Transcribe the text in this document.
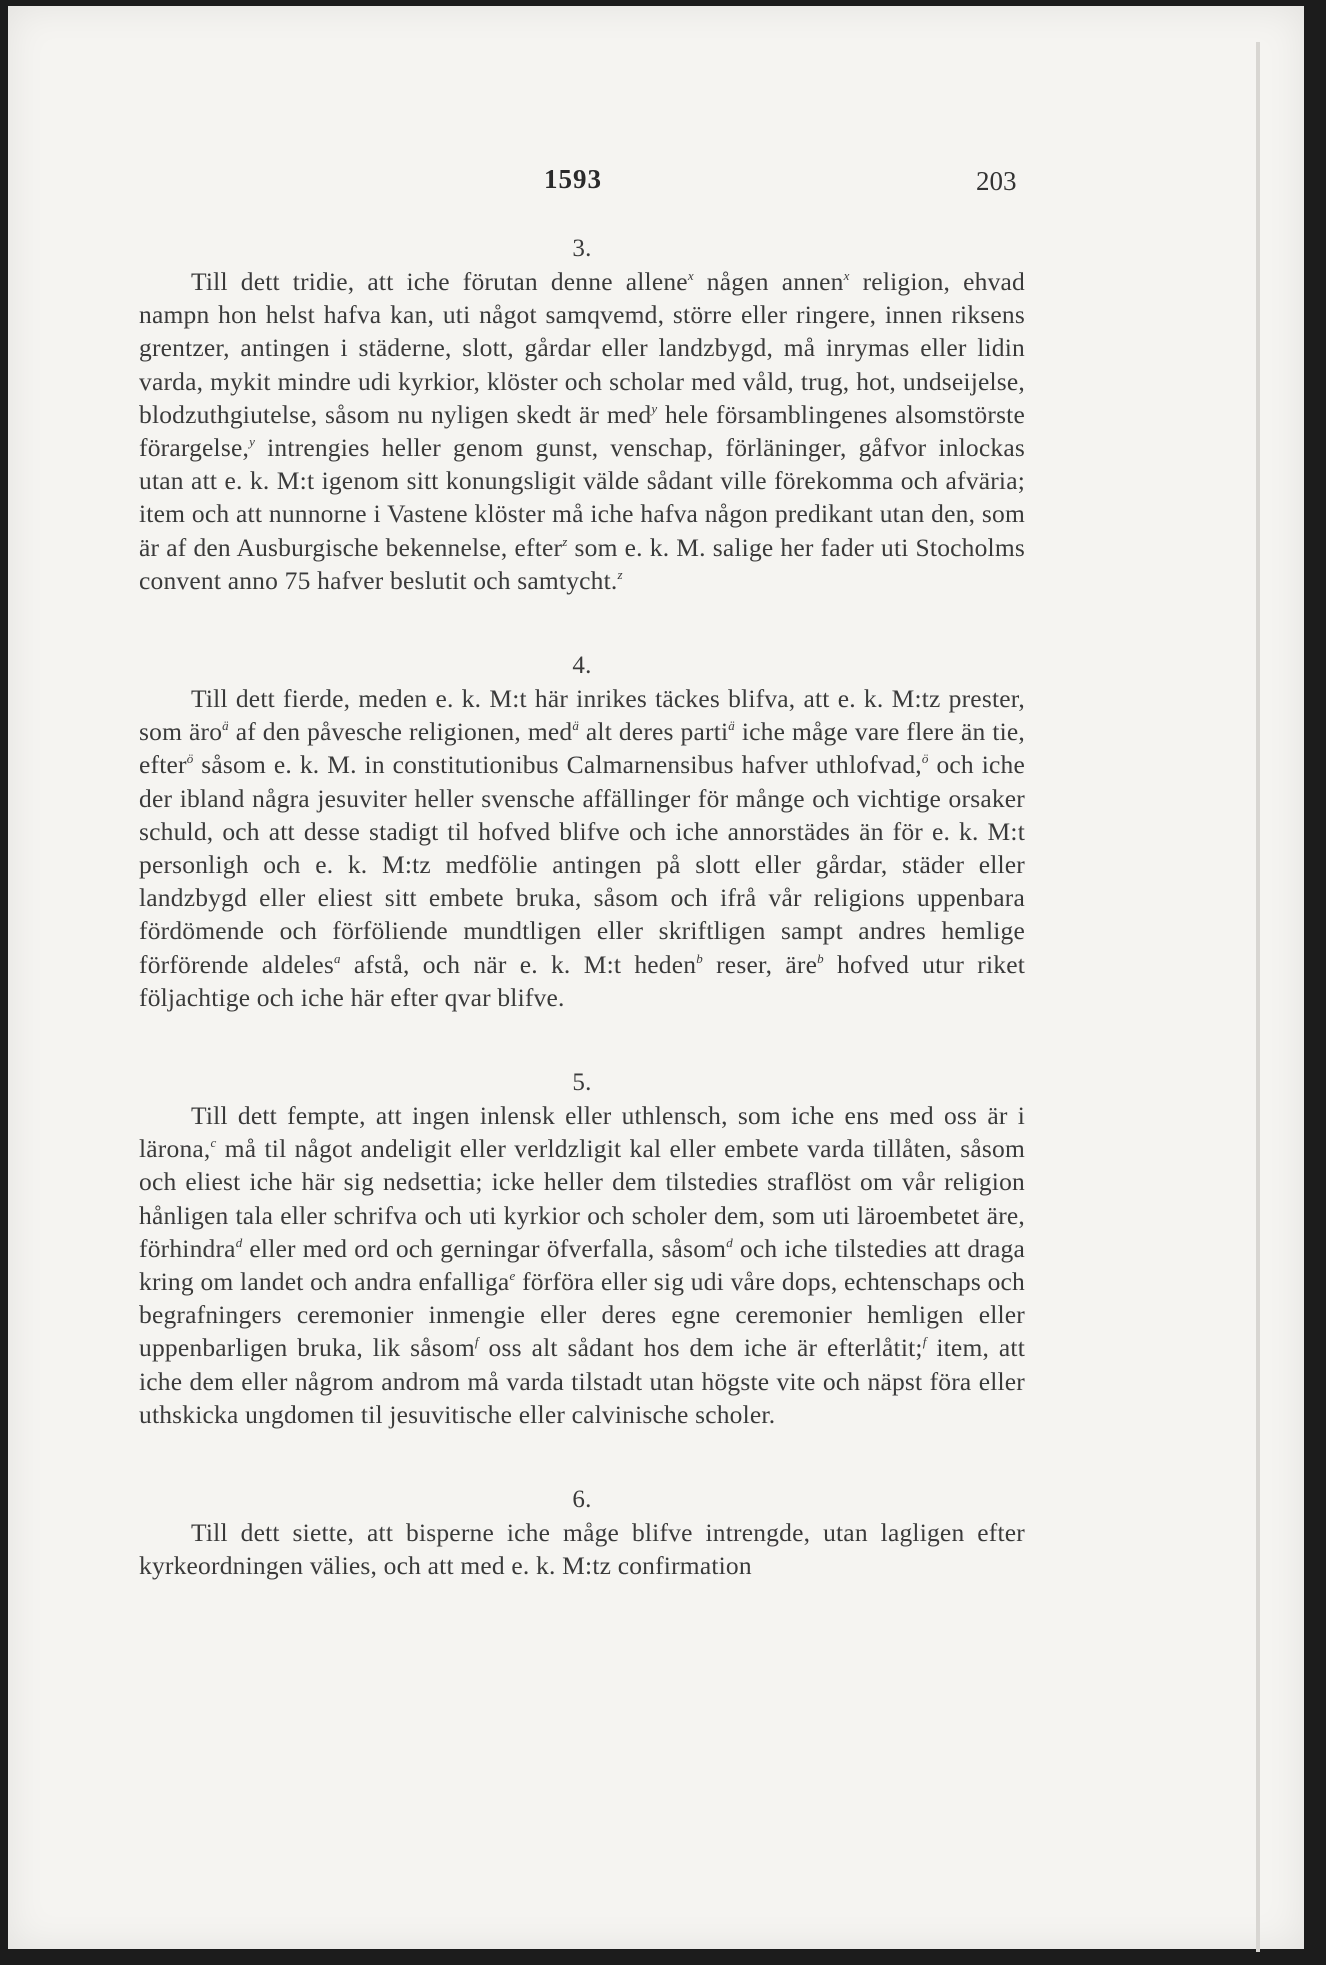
1593	203

3.

Till dett tridie, att iche förutan denne allene$^x$ någen annen$^x$ religion, ehvad nampn hon helst hafva kan, uti något samqvemd, större eller ringere, innen riksens grentzer, antingen i städerne, slott, gårdar eller landzbygd, må inrymas eller lidin varda, mykit mindre udi kyrkior, klöster och scholar med våld, trug, hot, undseijelse, blodzuthgiutelse, såsom nu nyligen skedt är med$^y$ hele församblingenes alsomstörste förargelse,$^y$ intrengies heller genom gunst, venschap, förläninger, gåfvor inlockas utan att e. k. M:t igenom sitt konungsligit välde sådant ville förekomma och afväria; item och att nunnorne i Vastene klöster må iche hafva någon predikant utan den, som är af den Ausburgische bekennelse, efter$^z$ som e. k. M. salige her fader uti Stocholms convent anno 75 hafver beslutit och samtycht.$^z$

4.

Till dett fierde, meden e. k. M:t här inrikes täckes blifva, att e. k. M:tz prester, som äro$^ä$ af den påvesche religionen, med$^ä$ alt deres parti$^ä$ iche måge vare flere än tie, efter$^ö$ såsom e. k. M. in constitutionibus Calmarnensibus hafver uthlofvad,$^ö$ och iche der ibland några jesuviter heller svensche affällinger för månge och vichtige orsaker schuld, och att desse stadigt til hofved blifve och iche annorstädes än för e. k. M:t personligh och e. k. M:tz medfölie antingen på slott eller gårdar, städer eller landzbygd eller eliest sitt embete bruka, såsom och ifrå vår religions uppenbara fördömende och förföliende mundtligen eller skriftligen sampt andres hemlige förförende aldeles$^a$ afstå, och när e. k. M:t heden$^b$ reser, äre$^b$ hofved utur riket följachtige och iche här efter qvar blifve.

5.

Till dett fempte, att ingen inlensk eller uthlensch, som iche ens med oss är i lärona,$^c$ må til något andeligit eller verldzligit kal eller embete varda tillåten, såsom och eliest iche här sig nedsettia; icke heller dem tilstedies straflöst om vår religion hånligen tala eller schrifva och uti kyrkior och scholer dem, som uti läroembetet äre, förhindra$^d$ eller med ord och gerningar öfverfalla, såsom$^d$ och iche tilstedies att draga kring om landet och andra enfalliga$^e$ förföra eller sig udi våre dops, echtenschaps och begrafningers ceremonier inmengie eller deres egne ceremonier hemligen eller uppenbarligen bruka, lik såsom$^f$ oss alt sådant hos dem iche är efterlåtit;$^f$ item, att iche dem eller någrom androm må varda tilstadt utan högste vite och näpst föra eller uthskicka ungdomen til jesuvitische eller calvinische scholer.

6.

Till dett siette, att bisperne iche måge blifve intrengde, utan lagligen efter kyrkeordningen välies, och att med e. k. M:tz confirmation
